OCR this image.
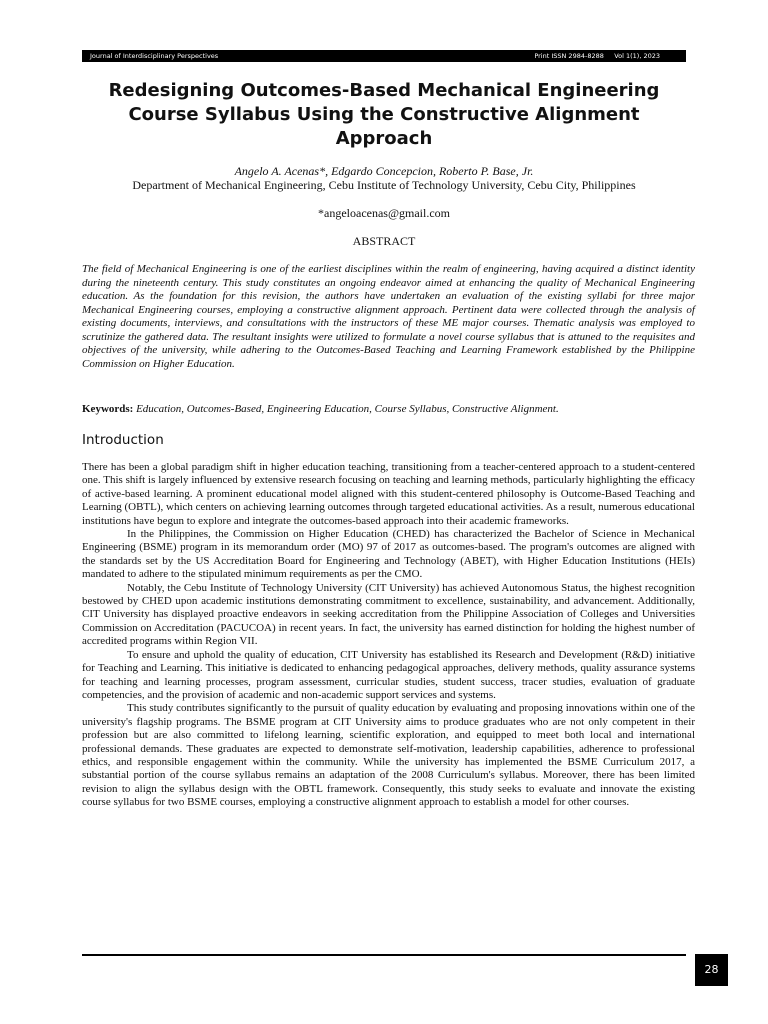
Journal of Interdisciplinary Perspectives	Print ISSN 2984-8288     Vol 1(1), 2023
Redesigning Outcomes-Based Mechanical Engineering Course Syllabus Using the Constructive Alignment Approach
Angelo A. Acenas*, Edgardo Concepcion, Roberto P. Base, Jr.
Department of Mechanical Engineering, Cebu Institute of Technology University, Cebu City, Philippines
*angeloacenas@gmail.com
ABSTRACT

The field of Mechanical Engineering is one of the earliest disciplines within the realm of engineering, having acquired a distinct identity during the nineteenth century. This study constitutes an ongoing endeavor aimed at enhancing the quality of Mechanical Engineering education. As the foundation for this revision, the authors have undertaken an evaluation of the existing syllabi for three major Mechanical Engineering courses, employing a constructive alignment approach. Pertinent data were collected through the analysis of existing documents, interviews, and consultations with the instructors of these ME major courses. Thematic analysis was employed to scrutinize the gathered data. The resultant insights were utilized to formulate a novel course syllabus that is attuned to the requisites and objectives of the university, while adhering to the Outcomes-Based Teaching and Learning Framework established by the Philippine Commission on Higher Education.

Keywords: Education, Outcomes-Based, Engineering Education, Course Syllabus, Constructive Alignment.
Introduction

There has been a global paradigm shift in higher education teaching, transitioning from a teacher-centered approach to a student-centered one. This shift is largely influenced by extensive research focusing on teaching and learning methods, particularly highlighting the efficacy of active-based learning. A prominent educational model aligned with this student-centered philosophy is Outcome-Based Teaching and Learning (OBTL), which centers on achieving learning outcomes through targeted educational activities. As a result, numerous educational institutions have begun to explore and integrate the outcomes-based approach into their academic frameworks.

In the Philippines, the Commission on Higher Education (CHED) has characterized the Bachelor of Science in Mechanical Engineering (BSME) program in its memorandum order (MO) 97 of 2017 as outcomes-based. The program's outcomes are aligned with the standards set by the US Accreditation Board for Engineering and Technology (ABET), with Higher Education Institutions (HEIs) mandated to adhere to the stipulated minimum requirements as per the CMO.

Notably, the Cebu Institute of Technology University (CIT University) has achieved Autonomous Status, the highest recognition bestowed by CHED upon academic institutions demonstrating commitment to excellence, sustainability, and advancement. Additionally, CIT University has displayed proactive endeavors in seeking accreditation from the Philippine Association of Colleges and Universities Commission on Accreditation (PACUCOA) in recent years. In fact, the university has earned distinction for holding the highest number of accredited programs within Region VII.

To ensure and uphold the quality of education, CIT University has established its Research and Development (R&D) initiative for Teaching and Learning. This initiative is dedicated to enhancing pedagogical approaches, delivery methods, quality assurance systems for teaching and learning processes, program assessment, curricular studies, student success, tracer studies, evaluation of graduate competencies, and the provision of academic and non-academic support services and systems.

This study contributes significantly to the pursuit of quality education by evaluating and proposing innovations within one of the university's flagship programs. The BSME program at CIT University aims to produce graduates who are not only competent in their profession but are also committed to lifelong learning, scientific exploration, and equipped to meet both local and international professional demands. These graduates are expected to demonstrate self-motivation, leadership capabilities, adherence to professional ethics, and responsible engagement within the community. While the university has implemented the BSME Curriculum 2017, a substantial portion of the course syllabus remains an adaptation of the 2008 Curriculum's syllabus. Moreover, there has been limited revision to align the syllabus design with the OBTL framework. Consequently, this study seeks to evaluate and innovate the existing course syllabus for two BSME courses, employing a constructive alignment approach to establish a model for other courses.

28
